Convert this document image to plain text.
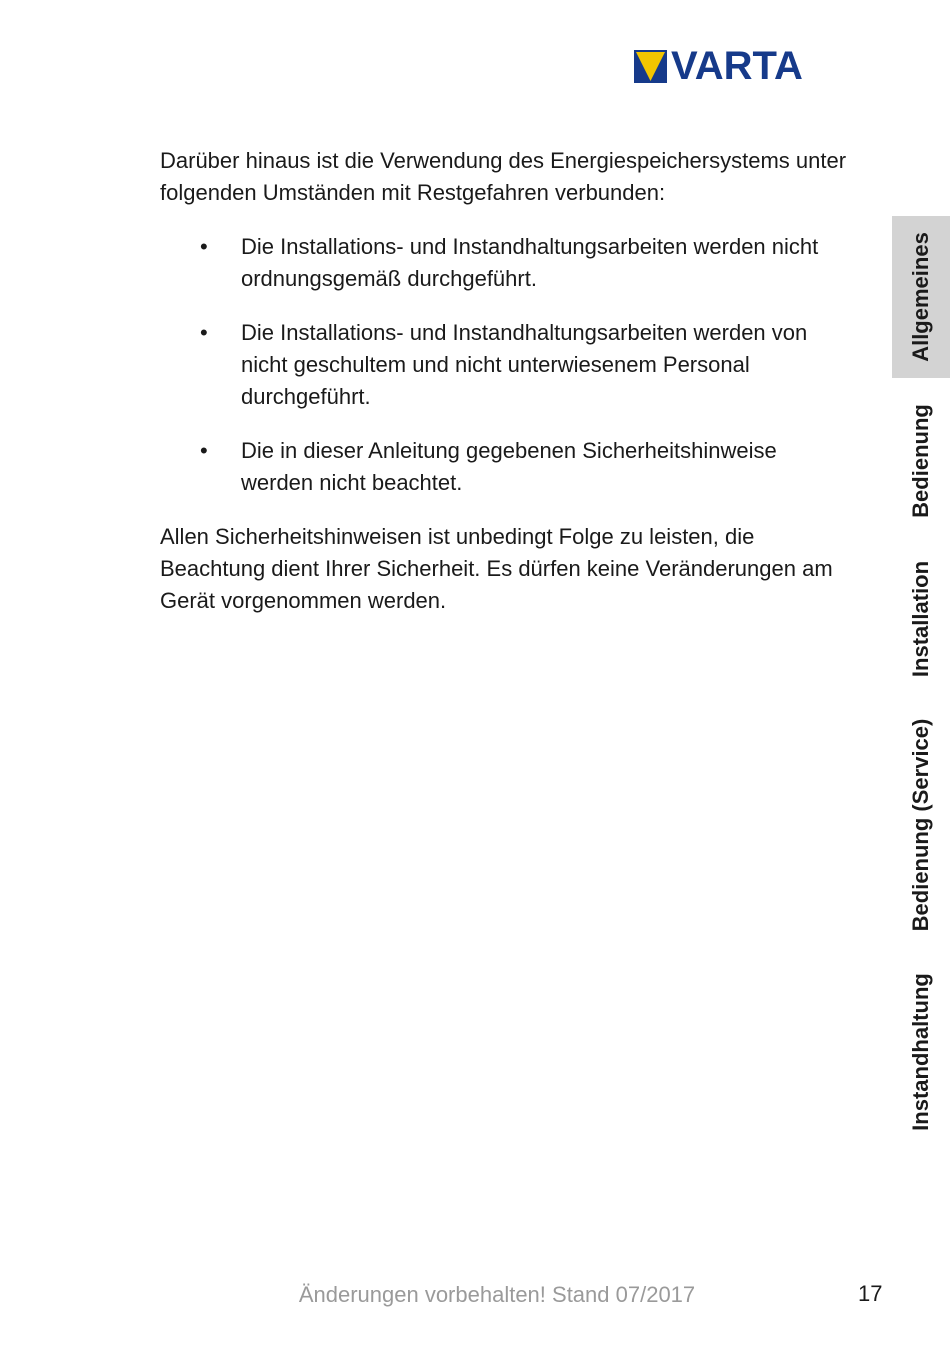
VARTA

Darüber hinaus ist die Verwendung des Energiespeichersystems unter folgenden Umständen mit Restgefahren verbunden:

• Die Installations- und Instandhaltungsarbeiten werden nicht ordnungsgemäß durchgeführt.
• Die Installations- und Instandhaltungsarbeiten werden von nicht geschultem und nicht unterwiesenem Personal durchgeführt.
• Die in dieser Anleitung gegebenen Sicherheitshinweise werden nicht beachtet.

Allen Sicherheitshinweisen ist unbedingt Folge zu leisten, die Beachtung dient Ihrer Sicherheit. Es dürfen keine Veränderungen am Gerät vorgenommen werden.

Allgemeines
Bedienung
Installation
Bedienung (Service)
Instandhaltung
Änderungen vorbehalten! Stand 07/2017	17
